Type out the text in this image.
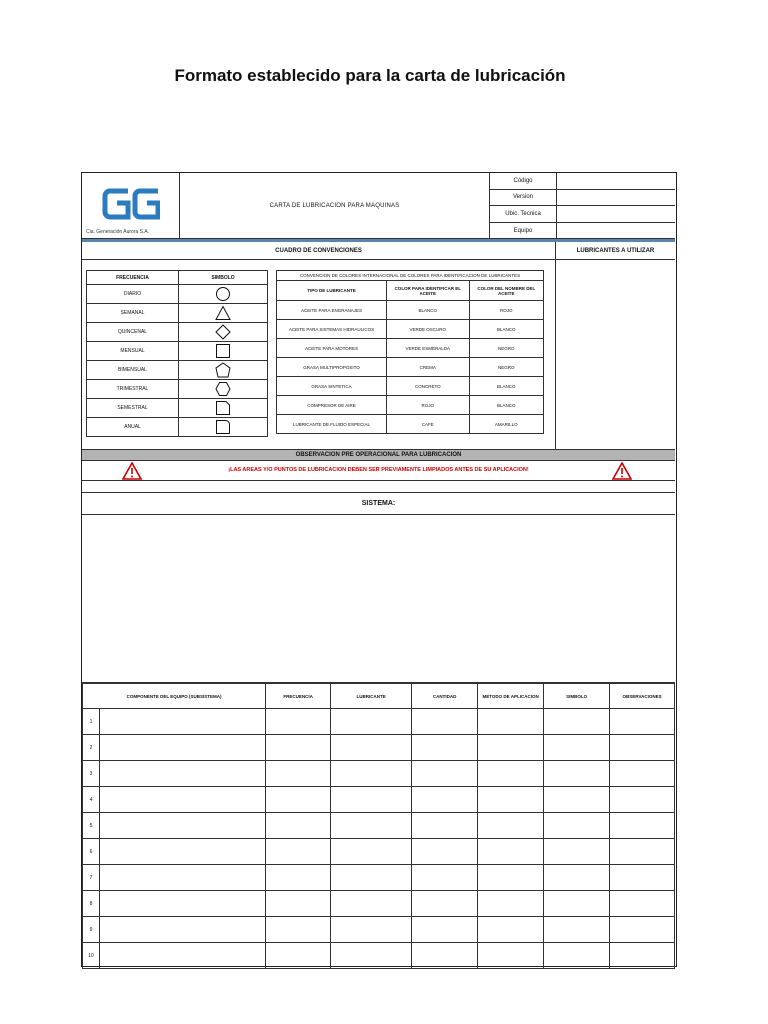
Formato establecido para la carta de lubricación
Cia. Generación Aurora S.A.
CARTA DE LUBRICACION PARA MAQUINAS
Código
Version
Ubic. Tecnica
Equipo
CUADRO DE CONVENCIONES	LUBRICANTES A UTILIZAR
FRECUENCIA	SIMBOLO
DIARIO	
SEMANAL	
QUINCENAL	
MENSUAL	
BIMENSUAL	
TRIMESTRAL	
SEMESTRAL	
ANUAL	
CONVENCION DE COLORES INTERNACIONAL DE COLORES PARA IDENTIFICACION DE LUBRICANTES		
TIPO DE LUBRICANTE	COLOR PARA IDENTIFICAR EL ACEITE	COLOR DEL NOMBRE DEL ACEITE
ACEITE PARA ENGRANAJES	BLANCO	ROJO
ACEITE PARA SISTEMAS HIDRAULICOS	VERDE OSCURO	BLANCO
ACEITE PARA MOTORES	VERDE ESMERALDA	NEGRO
GRASA MULTIPROPOSITO	CREMA	NEGRO
GRASA SINTETICA	CONCRETO	BLANCO
COMPRESOR DE AIRE	ROJO	BLANCO
LUBRICANTE DE FLUIDO ESPECIAL	CAFE	AMARILLO
OBSERVACION PRE OPERACIONAL PARA LUBRICACION
¡LAS AREAS Y/O PUNTOS DE LUBRICACION DEBEN SER PREVIAMENTE LIMPIADOS ANTES DE SU APLICACION!
SISTEMA:
COMPONENTE DEL EQUIPO (SUBSISTEMA)		FRECUENCIA	LUBRICANTE	CANTIDAD	METODO DE APLICACION	SIMBOLO	OBSERVACIONES
1							
2							
3							
4							
5							
6							
7							
8							
9							
10							
